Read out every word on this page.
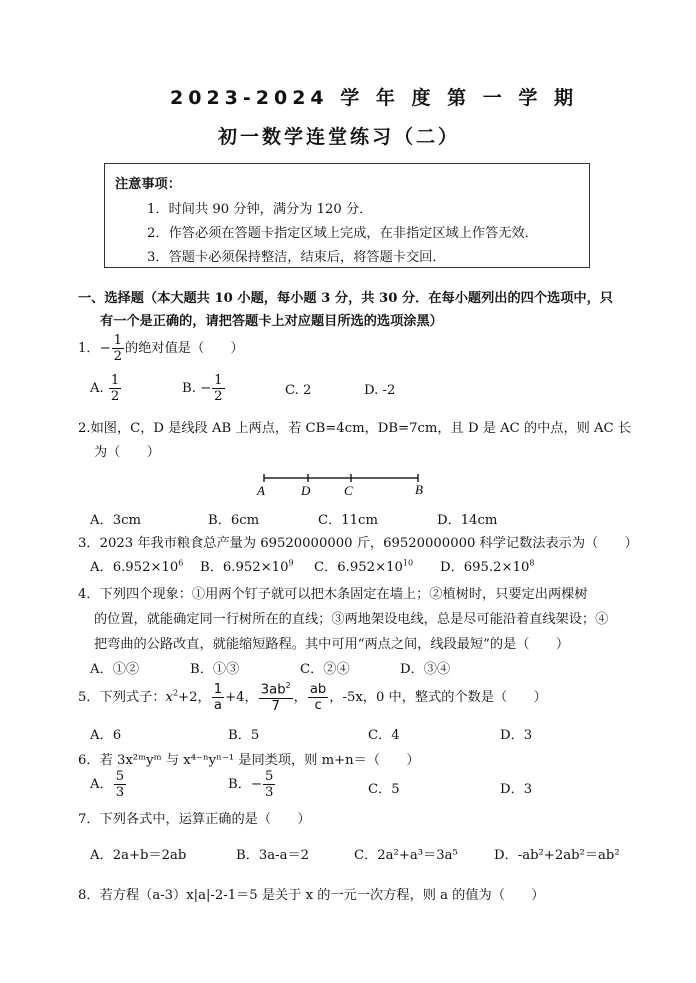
2023-2024 学 年 度 第 一 学 期
初一数学连堂练习（二）
注意事项：
1．时间共 90 分钟，满分为 120 分．
2．作答必须在答题卡指定区域上完成，在非指定区域上作答无效．
3．答题卡必须保持整洁，结束后，将答题卡交回．
一、选择题（本大题共 10 小题，每小题 3 分，共 30 分．在每小题列出的四个选项中，只
有一个是正确的，请把答题卡上对应题目所选的选项涂黑）
1．− $\frac{1}{2}$ 的绝对值是（　　）
A. $\frac{1}{2}$	B. − $\frac{1}{2}$	C. 2	D. -2
2.如图，C，D 是线段 AB 上两点，若 CB=4cm，DB=7cm，且 D 是 AC 的中点，则 AC 长
为（　　）
A	D	C	B
A．3cm	B．6cm	C．11cm	D．14cm
3．2023 年我市粮食总产量为 69520000000 斤，69520000000 科学记数法表示为（　　）
A．$6.952\times 10^6$ B．$6.952\times 10^9$ C．$6.952\times 10^{10}$ D．$695.2\times 10^8$
4．下列四个现象：①用两个钉子就可以把木条固定在墙上；②植树时，只要定出两棵树
的位置，就能确定同一行树所在的直线；③两地架设电线，总是尽可能沿着直线架设；④
把弯曲的公路改直，就能缩短路程。其中可用“两点之间，线段最短”的是（　　）
A．①②	B．①③	C．②④	D．③④
5．下列式子：$x^2+2$， $\frac{1}{a} +4$， $\frac{3ab^2}{7}$ ， $\frac{ab}{c}$ ，-5x，0 中，整式的个数是（　　）
A．6	B．5	C．4	D．3
6．若 3x²ᵐyᵐ 与 x⁴⁻ⁿyⁿ⁻¹ 是同类项，则 m+n＝（　　）
A． $\frac{5}{3}$	B．− $\frac{5}{3}$	C．5	D．3
7．下列各式中，运算正确的是（　　）
A．2a+b＝2ab	B．3a-a＝2	C．2a²+a³＝3a⁵	D．-ab²+2ab²＝ab²
8．若方程（a-3）x|a|-2-1＝5 是关于 x 的一元一次方程，则 a 的值为（　　）
